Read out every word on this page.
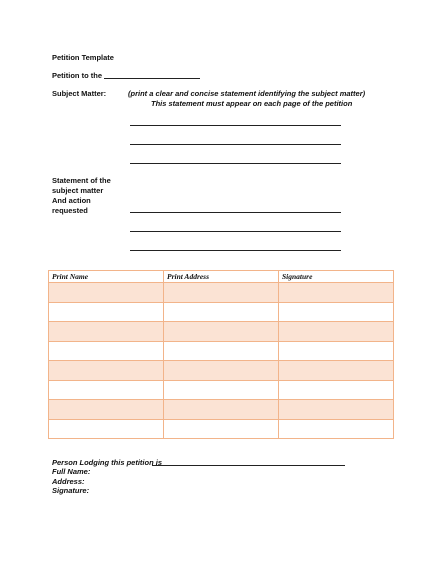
Petition Template
Petition to the
Subject Matter:	(print a clear and concise statement identifying the subject matter)
This statement must appear on each page of the petition
Statement of the
subject matter
And action
requested
Print Name	Print Address	Signature

Person Lodging this petition is
Full Name:
Address:
Signature:
